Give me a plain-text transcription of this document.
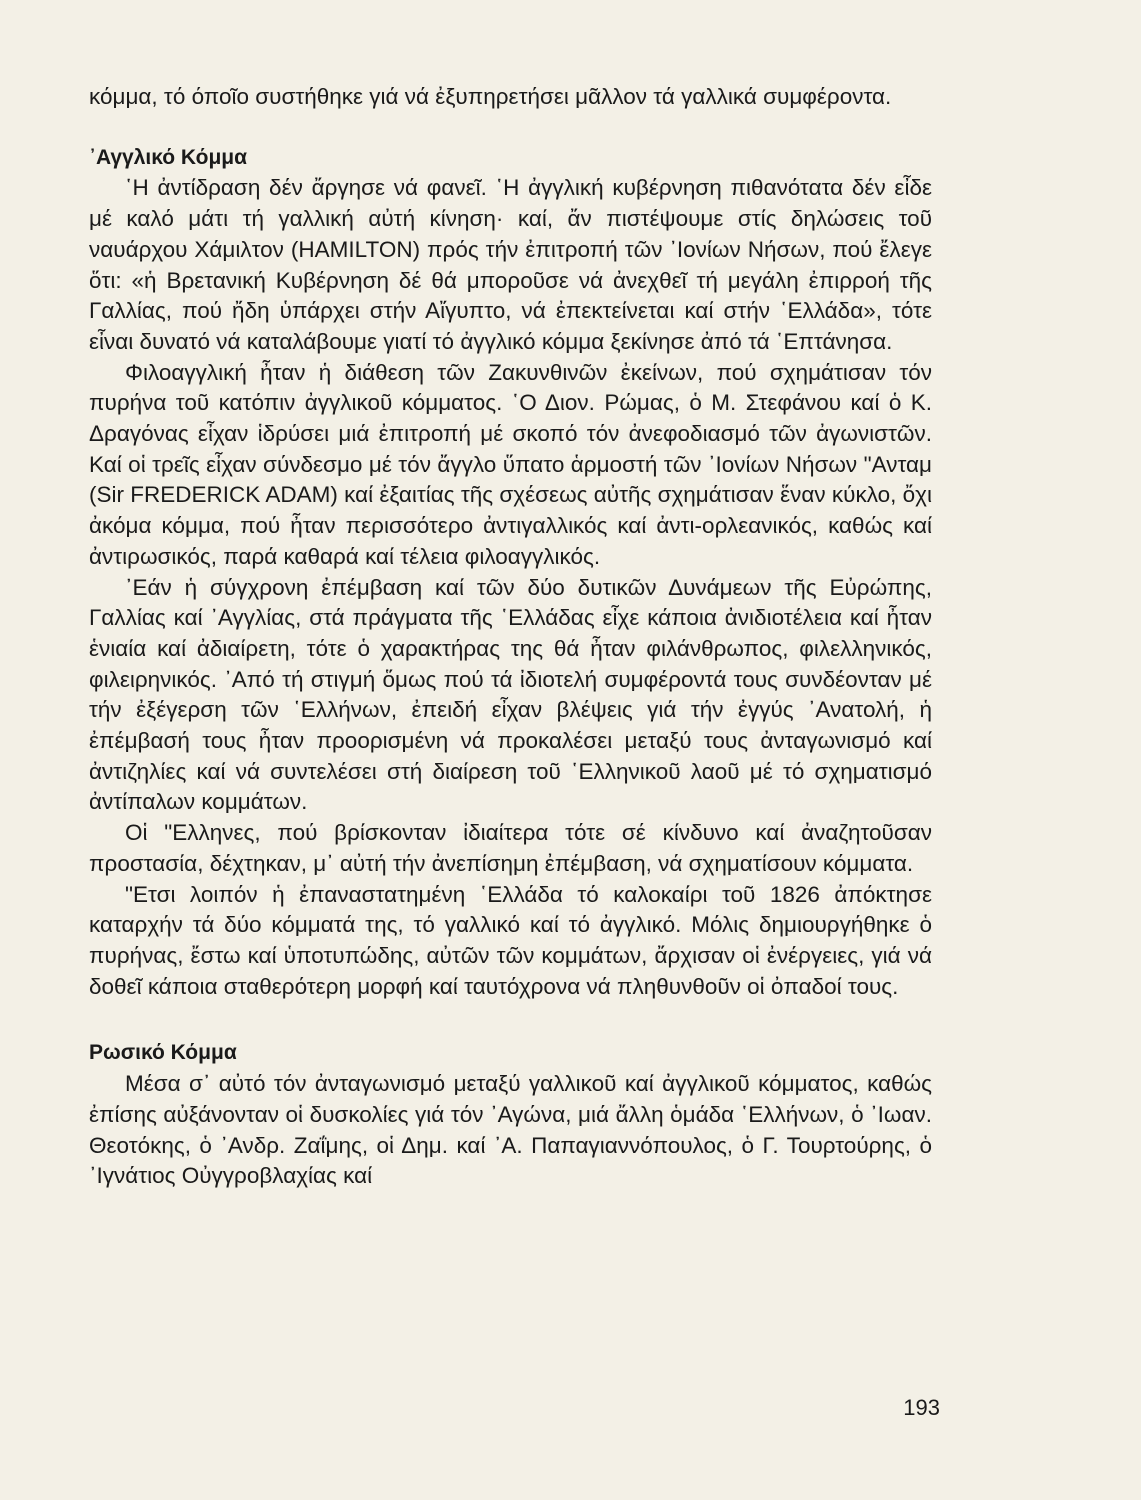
κόμμα, τό όποῖο συστήθηκε γιά νά ἐξυπηρετήσει μᾶλλον τά γαλλικά συμφέροντα.

᾿Αγγλικό Κόμμα

῾Η ἀντίδραση δέν ἄργησε νά φανεῖ. ῾Η ἀγγλική κυβέρνηση πιθανότατα δέν εἶδε μέ καλό μάτι τή γαλλική αὐτή κίνηση· καί, ἄν πιστέψουμε στίς δηλώσεις τοῦ ναυάρχου Χάμιλτον (HAMILTON) πρός τήν ἐπιτροπή τῶν ᾿Ιονίων Νήσων, πού ἔλεγε ὅτι: «ἡ Βρετανική Κυβέρνηση δέ θά μποροῦσε νά ἀνεχθεῖ τή μεγάλη ἐπιρροή τῆς Γαλλίας, πού ἤδη ὑπάρχει στήν Αἴγυπτο, νά ἐπεκτείνεται καί στήν ῾Ελλάδα», τότε εἶναι δυνατό νά καταλάβουμε γιατί τό ἀγγλικό κόμμα ξεκίνησε ἀπό τά ῾Επτάνησα.

Φιλοαγγλική ἦταν ἡ διάθεση τῶν Ζακυνθινῶν ἐκείνων, πού σχημάτισαν τόν πυρήνα τοῦ κατόπιν ἀγγλικοῦ κόμματος. ῾Ο Διον. Ρώμας, ὁ Μ. Στεφάνου καί ὁ Κ. Δραγόνας εἶχαν ἱδρύσει μιά ἐπιτροπή μέ σκοπό τόν ἀνεφοδιασμό τῶν ἀγωνιστῶν. Καί οἱ τρεῖς εἶχαν σύνδεσμο μέ τόν ἄγγλο ὕπατο ἁρμοστή τῶν ᾿Ιονίων Νήσων "Ανταμ (Sir FREDERICK ADAM) καί ἐξαιτίας τῆς σχέσεως αὐτῆς σχημάτισαν ἕναν κύκλο, ὄχι ἀκόμα κόμμα, πού ἦταν περισσότερο ἀντιγαλλικός καί ἀντι-ορλεανικός, καθώς καί ἀντιρωσικός, παρά καθαρά καί τέλεια φιλοαγγλικός.

᾿Εάν ἡ σύγχρονη ἐπέμβαση καί τῶν δύο δυτικῶν Δυνάμεων τῆς Εὐρώπης, Γαλλίας καί ᾿Αγγλίας, στά πράγματα τῆς ῾Ελλάδας εἶχε κάποια ἀνιδιοτέλεια καί ἦταν ἑνιαία καί ἀδιαίρετη, τότε ὁ χαρακτήρας της θά ἦταν φιλάνθρωπος, φιλελληνικός, φιλειρηνικός. ᾿Από τή στιγμή ὅμως πού τά ἰδιοτελή συμφέροντά τους συνδέονταν μέ τήν ἐξέγερση τῶν ῾Ελλήνων, ἐπειδή εἶχαν βλέψεις γιά τήν ἐγγύς ᾿Ανατολή, ἡ ἐπέμβασή τους ἦταν προορισμένη νά προκαλέσει μεταξύ τους ἀνταγωνισμό καί ἀντιζηλίες καί νά συντελέσει στή διαίρεση τοῦ ῾Ελληνικοῦ λαοῦ μέ τό σχηματισμό ἀντίπαλων κομμάτων.

Οἱ "Ελληνες, πού βρίσκονταν ἰδιαίτερα τότε σέ κίνδυνο καί ἀναζητοῦσαν προστασία, δέχτηκαν, μ᾿ αὐτή τήν ἀνεπίσημη ἐπέμβαση, νά σχηματίσουν κόμματα.

"Ετσι λοιπόν ἡ ἐπαναστατημένη ῾Ελλάδα τό καλοκαίρι τοῦ 1826 ἀπόκτησε καταρχήν τά δύο κόμματά της, τό γαλλικό καί τό ἀγγλικό. Μόλις δημιουργήθηκε ὁ πυρήνας, ἔστω καί ὑποτυπώδης, αὐτῶν τῶν κομμάτων, ἄρχισαν οἱ ἐνέργειες, γιά νά δοθεῖ κάποια σταθερότερη μορφή καί ταυτόχρονα νά πληθυνθοῦν οἱ ὀπαδοί τους.

Ρωσικό Κόμμα

Μέσα σ᾿ αὐτό τόν ἀνταγωνισμό μεταξύ γαλλικοῦ καί ἀγγλικοῦ κόμματος, καθώς ἐπίσης αὐξάνονταν οἱ δυσκολίες γιά τόν ᾿Αγώνα, μιά ἄλλη ὁμάδα ῾Ελλήνων, ὁ ᾿Ιωαν. Θεοτόκης, ὁ ᾿Ανδρ. Ζαΐμης, οἱ Δημ. καί ᾿Α. Παπαγιαννόπουλος, ὁ Γ. Τουρτούρης, ὁ ᾿Ιγνάτιος Οὐγγροβλαχίας καί

193
